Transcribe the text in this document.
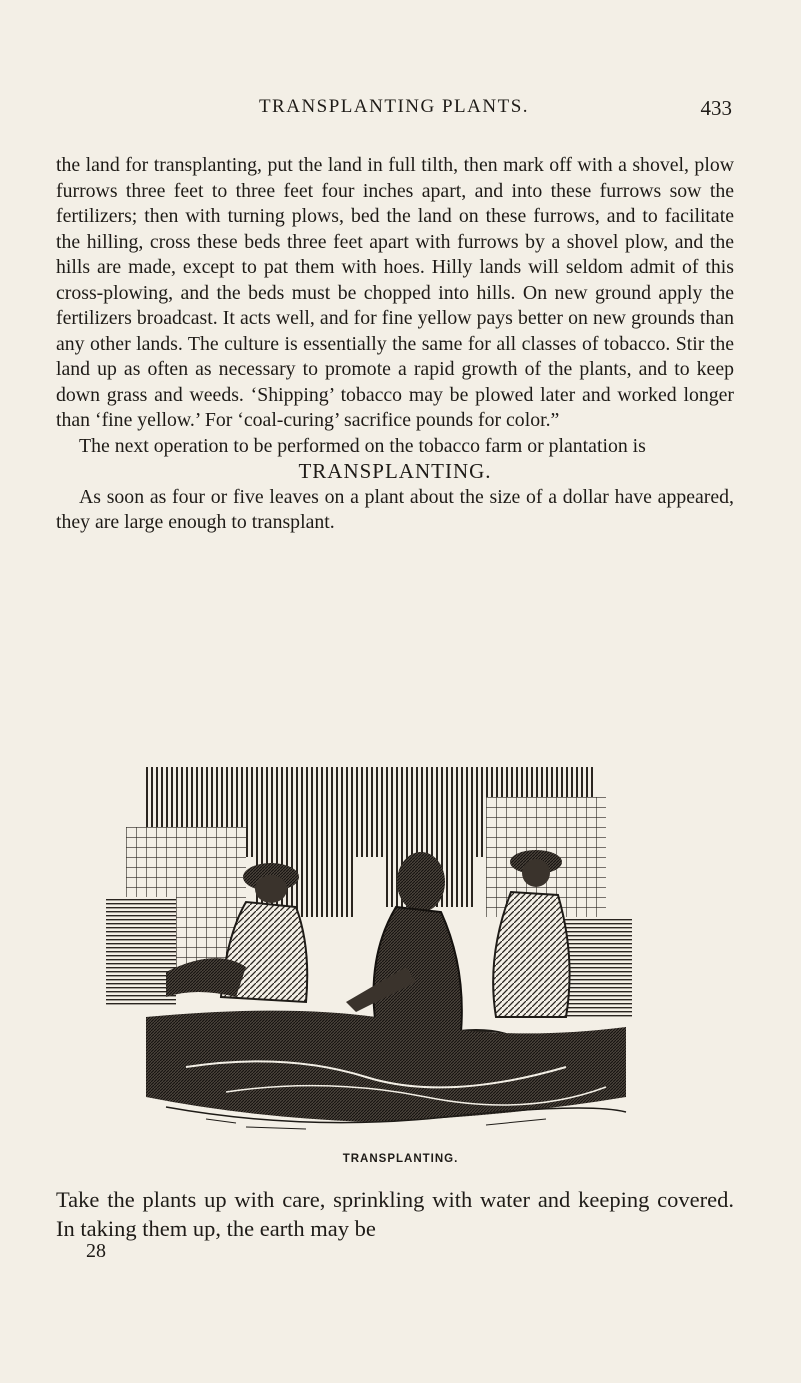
TRANSPLANTING PLANTS.	433

the land for transplanting, put the land in full tilth, then mark off with a shovel, plow furrows three feet to three feet four inches apart, and into these furrows sow the fertilizers; then with turning plows, bed the land on these furrows, and to facilitate the hilling, cross these beds three feet apart with furrows by a shovel plow, and the hills are made, except to pat them with hoes. Hilly lands will seldom admit of this cross-plowing, and the beds must be chopped into hills. On new ground apply the fertilizers broadcast. It acts well, and for fine yellow pays better on new grounds than any other lands. The culture is essentially the same for all classes of tobacco. Stir the land up as often as necessary to promote a rapid growth of the plants, and to keep down grass and weeds. ‘Shipping’ tobacco may be plowed later and worked longer than ‘fine yellow.’ For ‘coal-curing’ sacrifice pounds for color.”

The next operation to be performed on the tobacco farm or plantation is

TRANSPLANTING.

As soon as four or five leaves on a plant about the size of a dollar have appeared, they are large enough to transplant.

TRANSPLANTING.

Take the plants up with care, sprinkling with water and keeping covered. In taking them up, the earth may be

28
